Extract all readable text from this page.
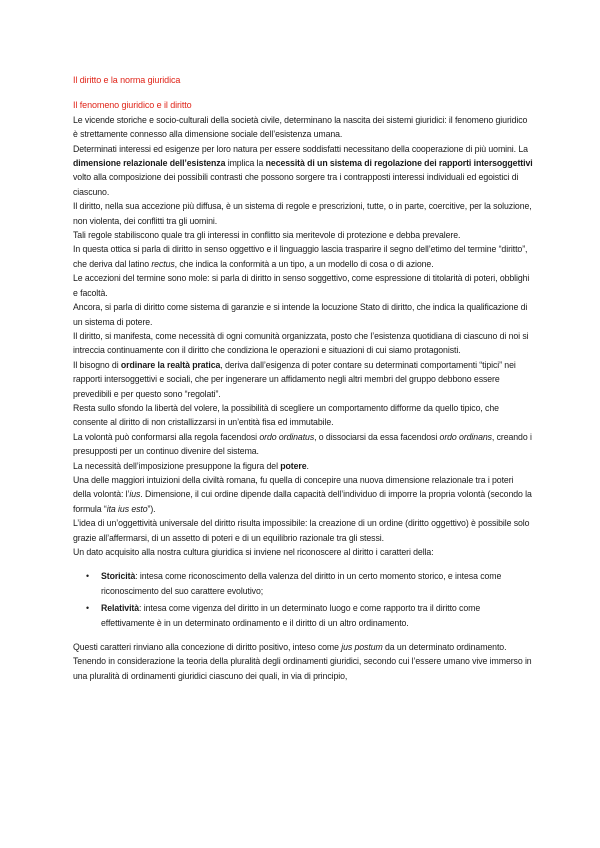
Il diritto e la norma giuridica

Il fenomeno giuridico e il diritto

Le vicende storiche e socio-culturali della società civile, determinano la nascita dei sistemi giuridici: il fenomeno giuridico è strettamente connesso alla dimensione sociale dell’esistenza umana.

Determinati interessi ed esigenze per loro natura per essere soddisfatti necessitano della cooperazione di più uomini. La dimensione relazionale dell’esistenza implica la necessità di un sistema di regolazione dei rapporti intersoggettivi volto alla composizione dei possibili contrasti che possono sorgere tra i contrapposti interessi individuali ed egoistici di ciascuno.

Il diritto, nella sua accezione più diffusa, è un sistema di regole e prescrizioni, tutte, o in parte, coercitive, per la soluzione, non violenta, dei conflitti tra gli uomini.

Tali regole stabiliscono quale tra gli interessi in conflitto sia meritevole di protezione e debba prevalere.

In questa ottica si parla di diritto in senso oggettivo e il linguaggio lascia trasparire il segno dell’etimo del termine “diritto”, che deriva dal latino rectus, che indica la conformità a un tipo, a un modello di cosa o di azione.

Le accezioni del termine sono mole: si parla di diritto in senso soggettivo, come espressione di titolarità di poteri, obblighi e facoltà.

Ancora, si parla di diritto come sistema di garanzie e si intende la locuzione Stato di diritto, che indica la qualificazione di un sistema di potere.

Il diritto, si manifesta, come necessità di ogni comunità organizzata, posto che l’esistenza quotidiana di ciascuno di noi si intreccia continuamente con il diritto che condiziona le operazioni e situazioni di cui siamo protagonisti.

Il bisogno di ordinare la realtà pratica, deriva dall’esigenza di poter contare su determinati comportamenti “tipici” nei rapporti intersoggettivi e sociali, che per ingenerare un affidamento negli altri membri del gruppo debbono essere prevedibili e per questo sono “regolati”.

Resta sullo sfondo la libertà del volere, la possibilità di scegliere un comportamento difforme da quello tipico, che consente al diritto di non cristallizzarsi in un’entità fisa ed immutabile.

La volontà può conformarsi alla regola facendosi ordo ordinatus, o dissociarsi da essa facendosi ordo ordinans, creando i presupposti per un continuo divenire del sistema.

La necessità dell’imposizione presuppone la figura del potere.

Una delle maggiori intuizioni della civiltà romana, fu quella di concepire una nuova dimensione relazionale tra i poteri della volontà: l’ius. Dimensione, il cui ordine dipende dalla capacità dell’individuo di imporre la propria volontà (secondo la formula “ita ius esto”).

L’idea di un’oggettività universale del diritto risulta impossibile: la creazione di un ordine (diritto oggettivo) è possibile solo grazie all’affermarsi, di un assetto di poteri e di un equilibrio razionale tra gli stessi.

Un dato acquisito alla nostra cultura giuridica si inviene nel riconoscere al diritto i caratteri della:

• Storicità: intesa come riconoscimento della valenza del diritto in un certo momento storico, e intesa come riconoscimento del suo carattere evolutivo;
• Relatività: intesa come vigenza del diritto in un determinato luogo e come rapporto tra il diritto come effettivamente è in un determinato ordinamento e il diritto di un altro ordinamento.

Questi caratteri rinviano alla concezione di diritto positivo, inteso come jus postum da un determinato ordinamento.

Tenendo in considerazione la teoria della pluralità degli ordinamenti giuridici, secondo cui l’essere umano vive immerso in una pluralità di ordinamenti giuridici ciascuno dei quali, in via di principio,
